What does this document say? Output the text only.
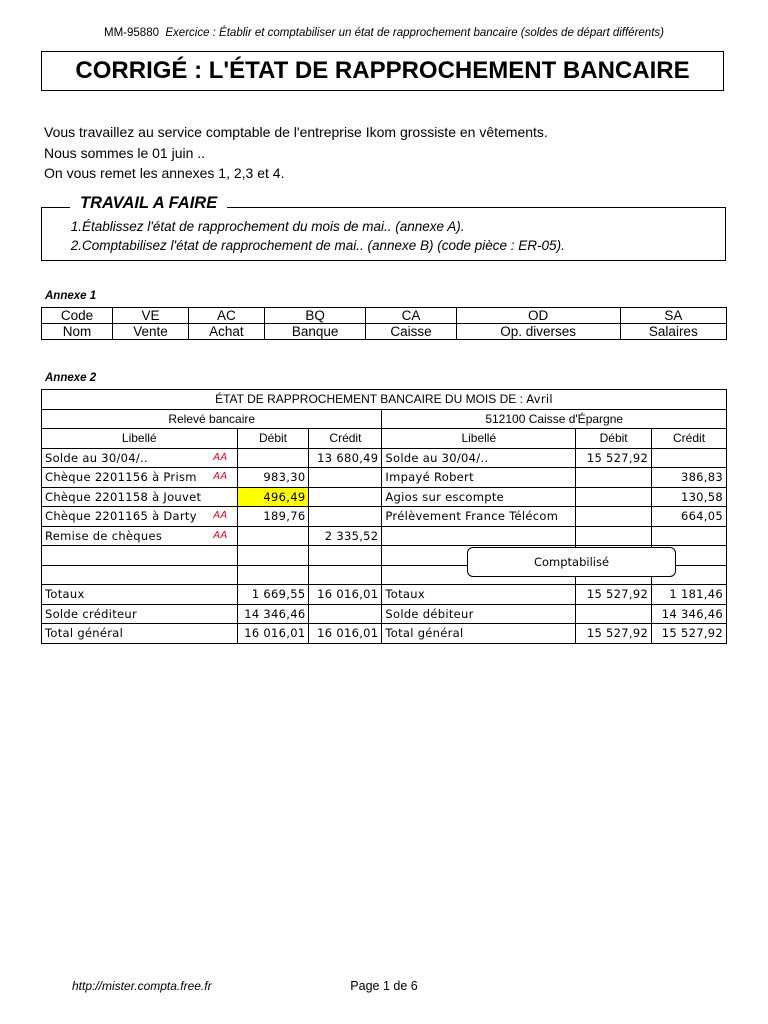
MM-95880 Exercice : Établir et comptabiliser un état de rapprochement bancaire (soldes de départ différents)
CORRIGÉ : L'ÉTAT DE RAPPROCHEMENT BANCAIRE

Vous travaillez au service comptable de l'entreprise Ikom grossiste en vêtements.

Nous sommes le 01 juin ..

On vous remet les annexes 1, 2,3 et 4.

1.Établissez l'état de rapprochement du mois de mai.. (annexe A).
2.Comptabilisez l'état de rapprochement de mai.. (annexe B) (code pièce : ER-05).
TRAVAIL A FAIRE
Annexe 1
Code	VE	AC	BQ	CA	OD	SA
Nom	Vente	Achat	Banque	Caisse	Op. diverses	Salaires
Annexe 2
ÉTAT DE RAPPROCHEMENT BANCAIRE DU MOIS DE : Avril					
Relevé bancaire			512100 Caisse d'Épargne		
Libellé	Débit	Crédit	Libellé	Débit	Crédit
Solde au 30/04/.. AA		13 680,49	Solde au 30/04/..	15 527,92	
Chèque 2201156 à Prism AA	983,30		Impayé Robert		386,83
Chèque 2201158 à Jouvet	496,49		Agios sur escompte		130,58
Chèque 2201165 à Darty AA	189,76		Prélèvement France Télécom		664,05
Remise de chèques AA		2 335,52			

Totaux	1 669,55	16 016,01	Totaux	15 527,92	1 181,46
Solde créditeur	14 346,46		Solde débiteur		14 346,46
Total général	16 016,01	16 016,01	Total général	15 527,92	15 527,92
Comptabilisé
http://mister.compta.free.fr	Page 1 de 6
